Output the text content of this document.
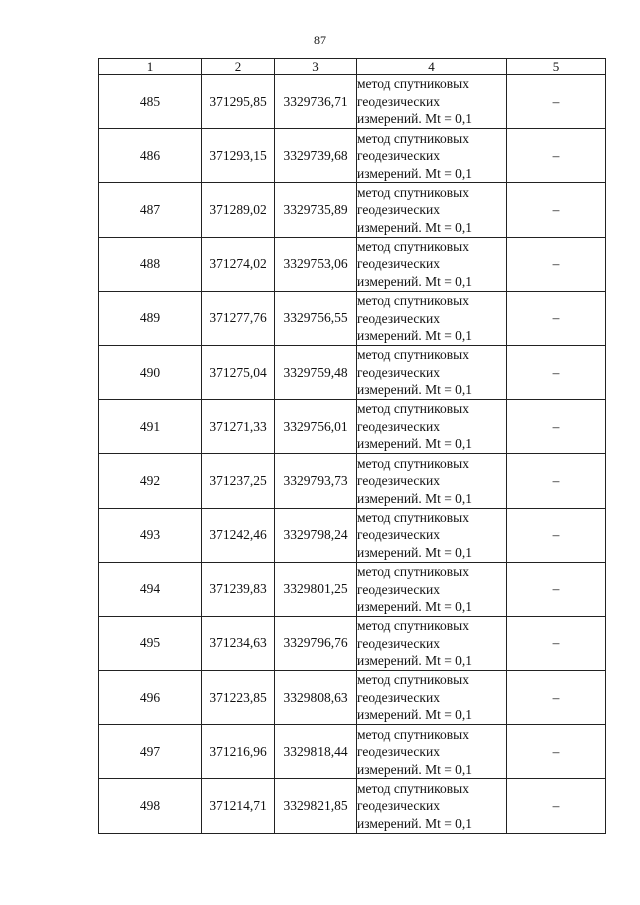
87
1	2	3	4	5
485	371295,85	3329736,71	метод спутниковых
геодезических
измерений. Mt = 0,1	–
486	371293,15	3329739,68	метод спутниковых
геодезических
измерений. Mt = 0,1	–
487	371289,02	3329735,89	метод спутниковых
геодезических
измерений. Mt = 0,1	–
488	371274,02	3329753,06	метод спутниковых
геодезических
измерений. Mt = 0,1	–
489	371277,76	3329756,55	метод спутниковых
геодезических
измерений. Mt = 0,1	–
490	371275,04	3329759,48	метод спутниковых
геодезических
измерений. Mt = 0,1	–
491	371271,33	3329756,01	метод спутниковых
геодезических
измерений. Mt = 0,1	–
492	371237,25	3329793,73	метод спутниковых
геодезических
измерений. Mt = 0,1	–
493	371242,46	3329798,24	метод спутниковых
геодезических
измерений. Mt = 0,1	–
494	371239,83	3329801,25	метод спутниковых
геодезических
измерений. Mt = 0,1	–
495	371234,63	3329796,76	метод спутниковых
геодезических
измерений. Mt = 0,1	–
496	371223,85	3329808,63	метод спутниковых
геодезических
измерений. Mt = 0,1	–
497	371216,96	3329818,44	метод спутниковых
геодезических
измерений. Mt = 0,1	–
498	371214,71	3329821,85	метод спутниковых
геодезических
измерений. Mt = 0,1	–
